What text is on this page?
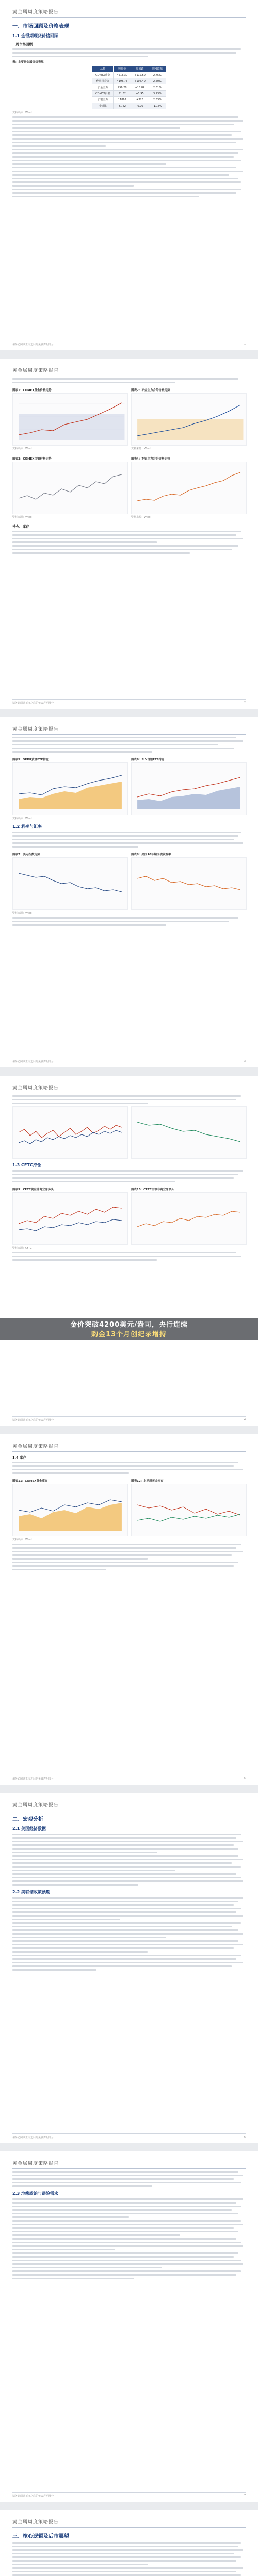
黄金属周度策略报告
一、市场回顾及价格表现
1.1 金银期现货价格回顾
一周市场回顾
表：主要贵金属价格表现
品种	收盘价	周涨跌	周涨跌幅
COMEX黄金	4213.30	+112.60	2.75%
伦敦现货金	4198.75	+106.40	2.60%
沪金主力	956.28	+18.84	2.01%
COMEX白银	51.62	+1.95	3.93%
沪银主力	11862	+326	2.83%
金银比	81.62	-0.96	-1.16%
资料来源：Wind
请务必阅读正文之后的免责声明部分	1
黄金属周度策略报告
图表1：COMEX黄金价格走势
资料来源：Wind
图表2：沪金主力合约价格走势
资料来源：Wind
图表3：COMEX白银价格走势
资料来源：Wind
图表4：沪银主力合约价格走势
资料来源：Wind
持仓、库存
请务必阅读正文之后的免责声明部分	2
黄金属周度策略报告
图表5：SPDR黄金ETF持仓	图表6：SLV白银ETF持仓
资料来源：Wind
1.2 利率与汇率
图表7：美元指数走势	图表8：美国10年期国债收益率
资料来源：Wind
请务必阅读正文之后的免责声明部分	3
黄金属周度策略报告
1.3 CFTC持仓
图表9：CFTC黄金非商业净多头	图表10：CFTC白银非商业净多头
资料来源：CFTC
请务必阅读正文之后的免责声明部分	4
金价突破4200美元/盎司，央行连续
购金13个月创纪录增持
黄金属周度策略报告
1.4 库存
图表11：COMEX黄金库存	图表12：上期所黄金库存
资料来源：Wind
请务必阅读正文之后的免责声明部分	5
黄金属周度策略报告
二、宏观分析
2.1 美国经济数据
2.2 美联储政策预期
请务必阅读正文之后的免责声明部分	6
黄金属周度策略报告
2.3 地缘政治与避险需求
请务必阅读正文之后的免责声明部分	7
黄金属周度策略报告
三、核心逻辑及后市展望
